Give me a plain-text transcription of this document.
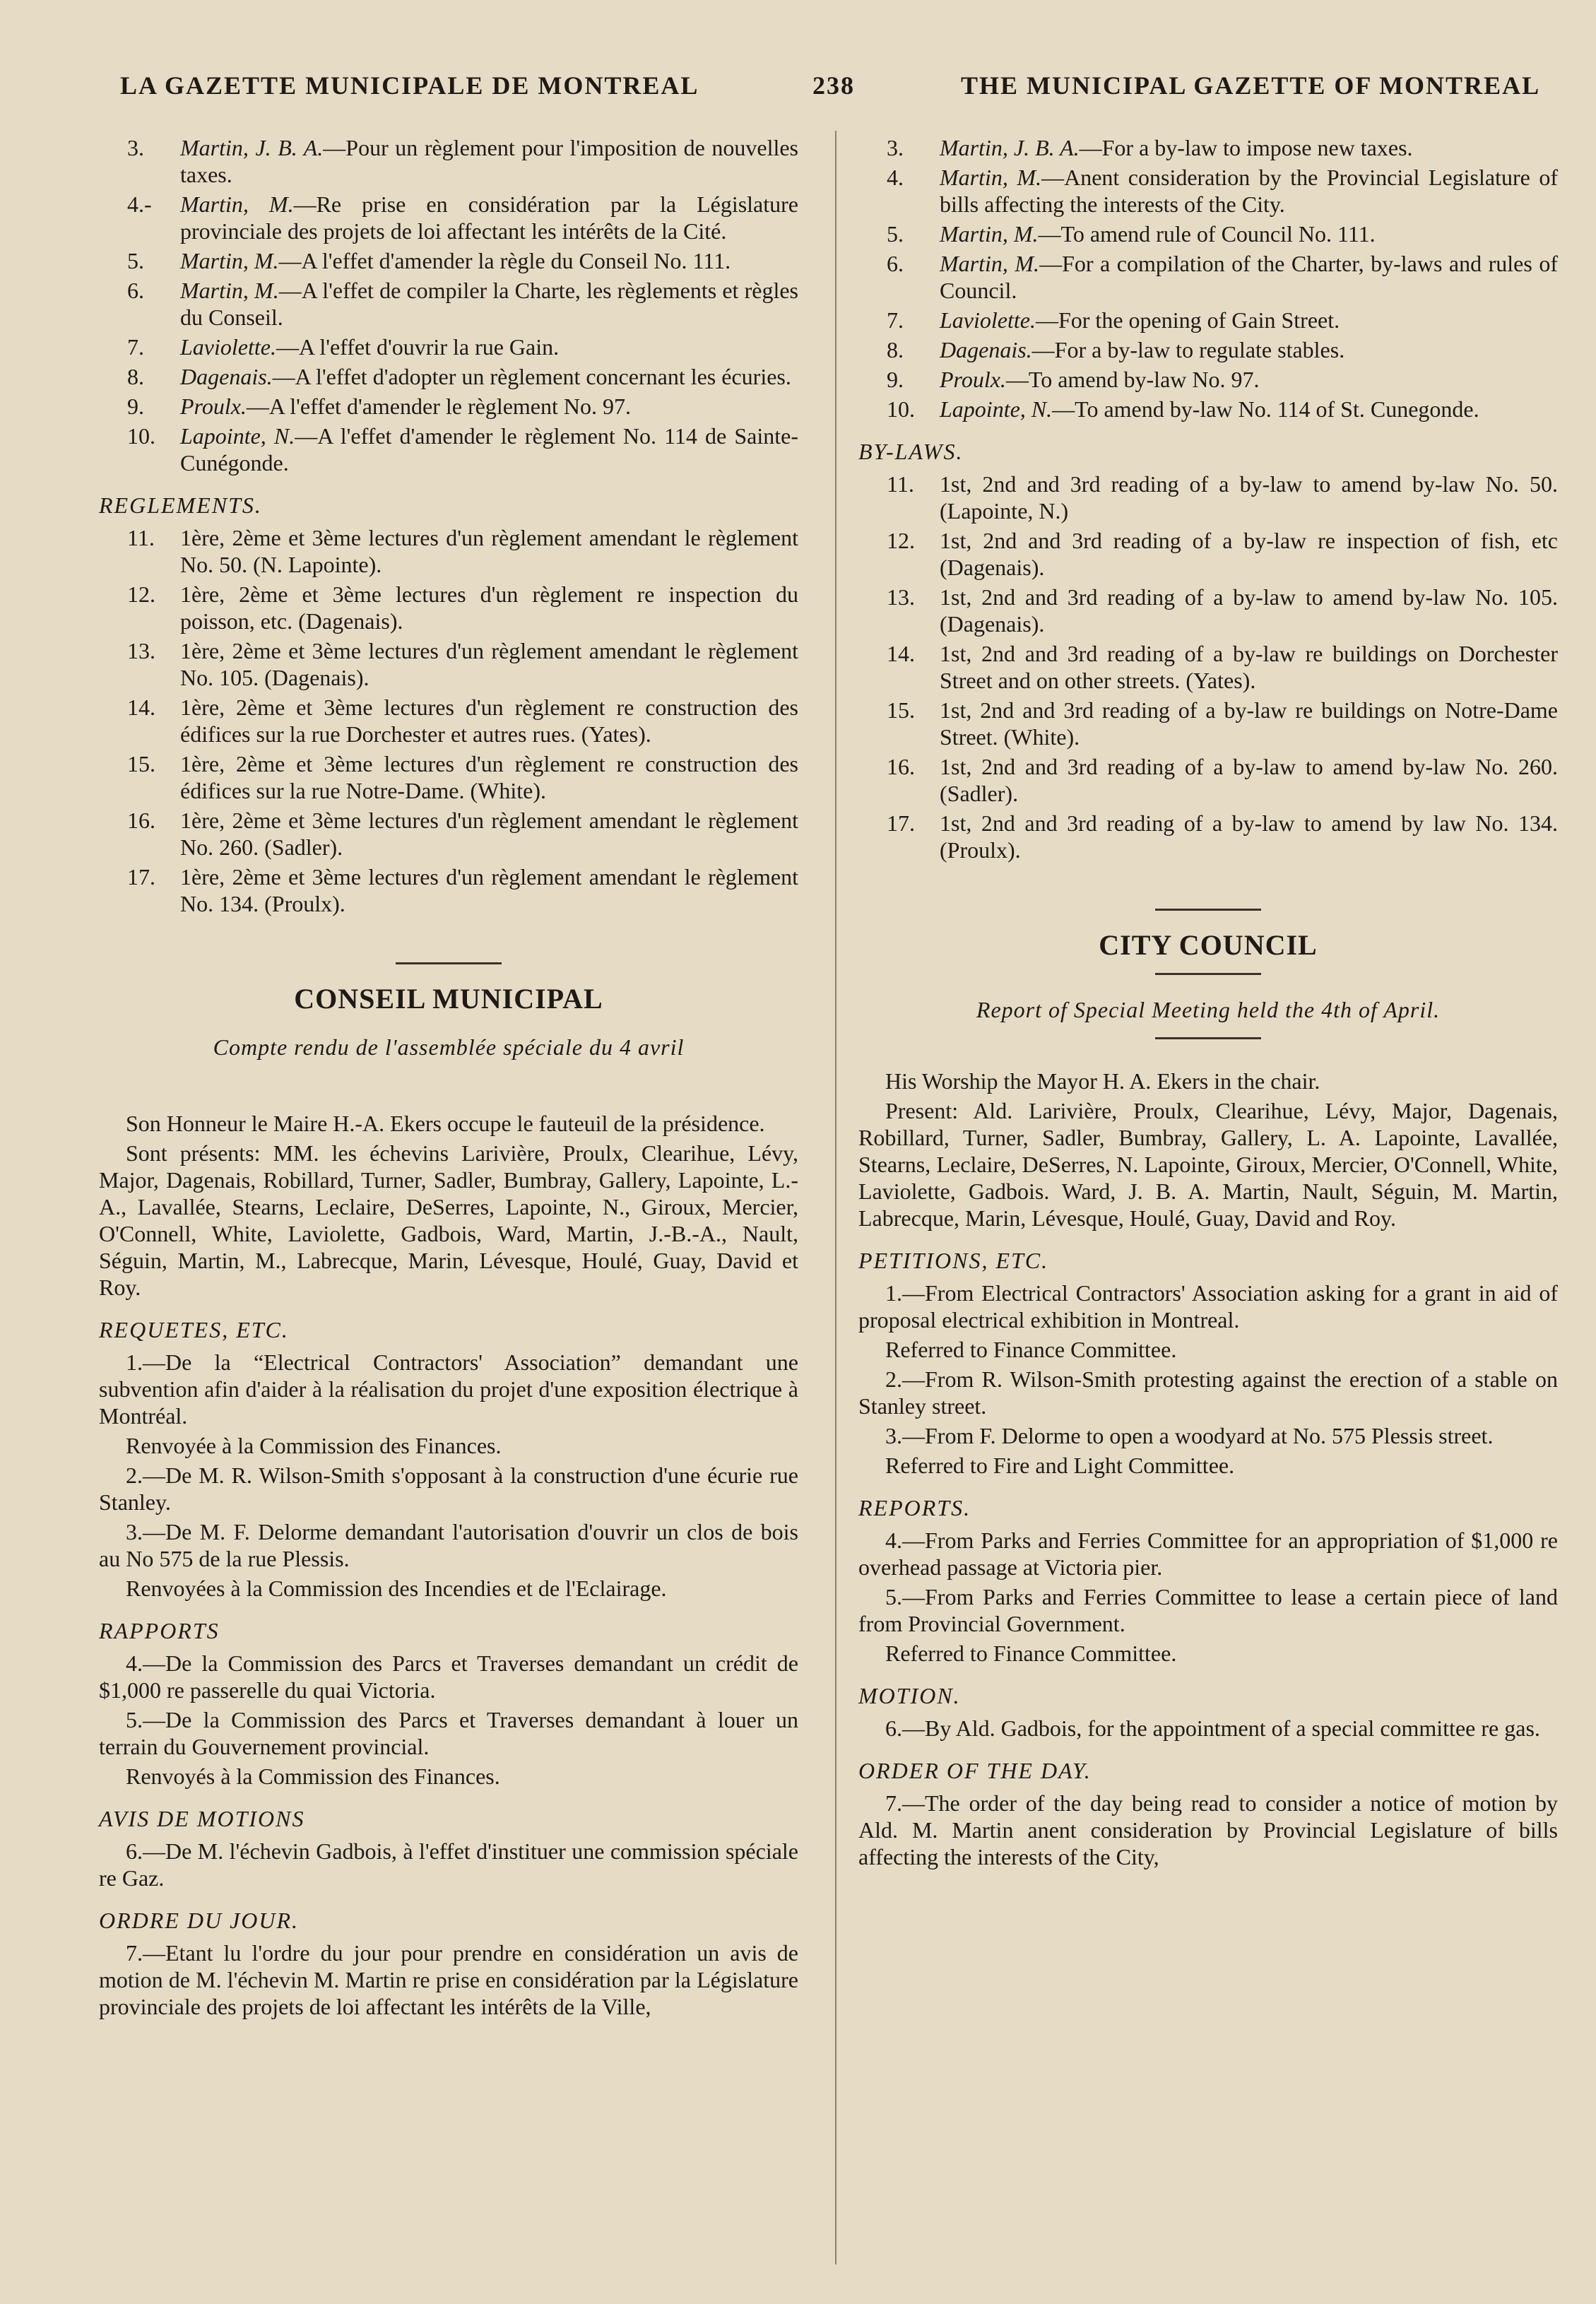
LA GAZETTE MUNICIPALE DE MONTREAL	238	THE MUNICIPAL GAZETTE OF MONTREAL
3. Martin, J. B. A.—Pour un règlement pour l'imposition de nouvelles taxes.
4.- Martin, M.—Re prise en considération par la Législature provinciale des projets de loi affectant les intérêts de la Cité.
5. Martin, M.—A l'effet d'amender la règle du Conseil No. 111.
6. Martin, M.—A l'effet de compiler la Charte, les règlements et règles du Conseil.
7. Laviolette.—A l'effet d'ouvrir la rue Gain.
8. Dagenais.—A l'effet d'adopter un règlement concernant les écuries.
9. Proulx.—A l'effet d'amender le règlement No. 97.
10. Lapointe, N.—A l'effet d'amender le règlement No. 114 de Sainte-Cunégonde.
REGLEMENTS.
11. 1ère, 2ème et 3ème lectures d'un règlement amendant le règlement No. 50. (N. Lapointe).
12. 1ère, 2ème et 3ème lectures d'un règlement re inspection du poisson, etc. (Dagenais).
13. 1ère, 2ème et 3ème lectures d'un règlement amendant le règlement No. 105. (Dagenais).
14. 1ère, 2ème et 3ème lectures d'un règlement re construction des édifices sur la rue Dorchester et autres rues. (Yates).
15. 1ère, 2ème et 3ème lectures d'un règlement re construction des édifices sur la rue Notre-Dame. (White).
16. 1ère, 2ème et 3ème lectures d'un règlement amendant le règlement No. 260. (Sadler).
17. 1ère, 2ème et 3ème lectures d'un règlement amendant le règlement No. 134. (Proulx).
CONSEIL MUNICIPAL
Compte rendu de l'assemblée spéciale du 4 avril
Son Honneur le Maire H.-A. Ekers occupe le fauteuil de la présidence.
Sont présents: MM. les échevins Larivière, Proulx, Clearihue, Lévy, Major, Dagenais, Robillard, Turner, Sadler, Bumbray, Gallery, Lapointe, L.-A., Lavallée, Stearns, Leclaire, DeSerres, Lapointe, N., Giroux, Mercier, O'Connell, White, Laviolette, Gadbois, Ward, Martin, J.-B.-A., Nault, Séguin, Martin, M., Labrecque, Marin, Lévesque, Houlé, Guay, David et Roy.
REQUETES, ETC.
1.—De la “Electrical Contractors' Association” demandant une subvention afin d'aider à la réalisation du projet d'une exposition électrique à Montréal.
Renvoyée à la Commission des Finances.
2.—De M. R. Wilson-Smith s'opposant à la construction d'une écurie rue Stanley.
3.—De M. F. Delorme demandant l'autorisation d'ouvrir un clos de bois au No 575 de la rue Plessis.
Renvoyées à la Commission des Incendies et de l'Eclairage.
RAPPORTS
4.—De la Commission des Parcs et Traverses demandant un crédit de $1,000 re passerelle du quai Victoria.
5.—De la Commission des Parcs et Traverses demandant à louer un terrain du Gouvernement provincial.
Renvoyés à la Commission des Finances.
AVIS DE MOTIONS
6.—De M. l'échevin Gadbois, à l'effet d'instituer une commission spéciale re Gaz.
ORDRE DU JOUR.
7.—Etant lu l'ordre du jour pour prendre en considération un avis de motion de M. l'échevin M. Martin re prise en considération par la Législature provinciale des projets de loi affectant les intérêts de la Ville,
3. Martin, J. B. A.—For a by-law to impose new taxes.
4. Martin, M.—Anent consideration by the Provincial Legislature of bills affecting the interests of the City.
5. Martin, M.—To amend rule of Council No. 111.
6. Martin, M.—For a compilation of the Charter, by-laws and rules of Council.
7. Laviolette.—For the opening of Gain Street.
8. Dagenais.—For a by-law to regulate stables.
9. Proulx.—To amend by-law No. 97.
10. Lapointe, N.—To amend by-law No. 114 of St. Cunegonde.
BY-LAWS.
11. 1st, 2nd and 3rd reading of a by-law to amend by-law No. 50. (Lapointe, N.)
12. 1st, 2nd and 3rd reading of a by-law re inspection of fish, etc (Dagenais).
13. 1st, 2nd and 3rd reading of a by-law to amend by-law No. 105. (Dagenais).
14. 1st, 2nd and 3rd reading of a by-law re buildings on Dorchester Street and on other streets. (Yates).
15. 1st, 2nd and 3rd reading of a by-law re buildings on Notre-Dame Street. (White).
16. 1st, 2nd and 3rd reading of a by-law to amend by-law No. 260. (Sadler).
17. 1st, 2nd and 3rd reading of a by-law to amend by law No. 134. (Proulx).
CITY COUNCIL
Report of Special Meeting held the 4th of April.
His Worship the Mayor H. A. Ekers in the chair.
Present: Ald. Larivière, Proulx, Clearihue, Lévy, Major, Dagenais, Robillard, Turner, Sadler, Bumbray, Gallery, L. A. Lapointe, Lavallée, Stearns, Leclaire, DeSerres, N. Lapointe, Giroux, Mercier, O'Connell, White, Laviolette, Gadbois. Ward, J. B. A. Martin, Nault, Séguin, M. Martin, Labrecque, Marin, Lévesque, Houlé, Guay, David and Roy.
PETITIONS, ETC.
1.—From Electrical Contractors' Association asking for a grant in aid of proposal electrical exhibition in Montreal.
Referred to Finance Committee.
2.—From R. Wilson-Smith protesting against the erection of a stable on Stanley street.
3.—From F. Delorme to open a woodyard at No. 575 Plessis street.
Referred to Fire and Light Committee.
REPORTS.
4.—From Parks and Ferries Committee for an appropriation of $1,000 re overhead passage at Victoria pier.
5.—From Parks and Ferries Committee to lease a certain piece of land from Provincial Government.
Referred to Finance Committee.
MOTION.
6.—By Ald. Gadbois, for the appointment of a special committee re gas.
ORDER OF THE DAY.
7.—The order of the day being read to consider a notice of motion by Ald. M. Martin anent consideration by Provincial Legislature of bills affecting the interests of the City,
